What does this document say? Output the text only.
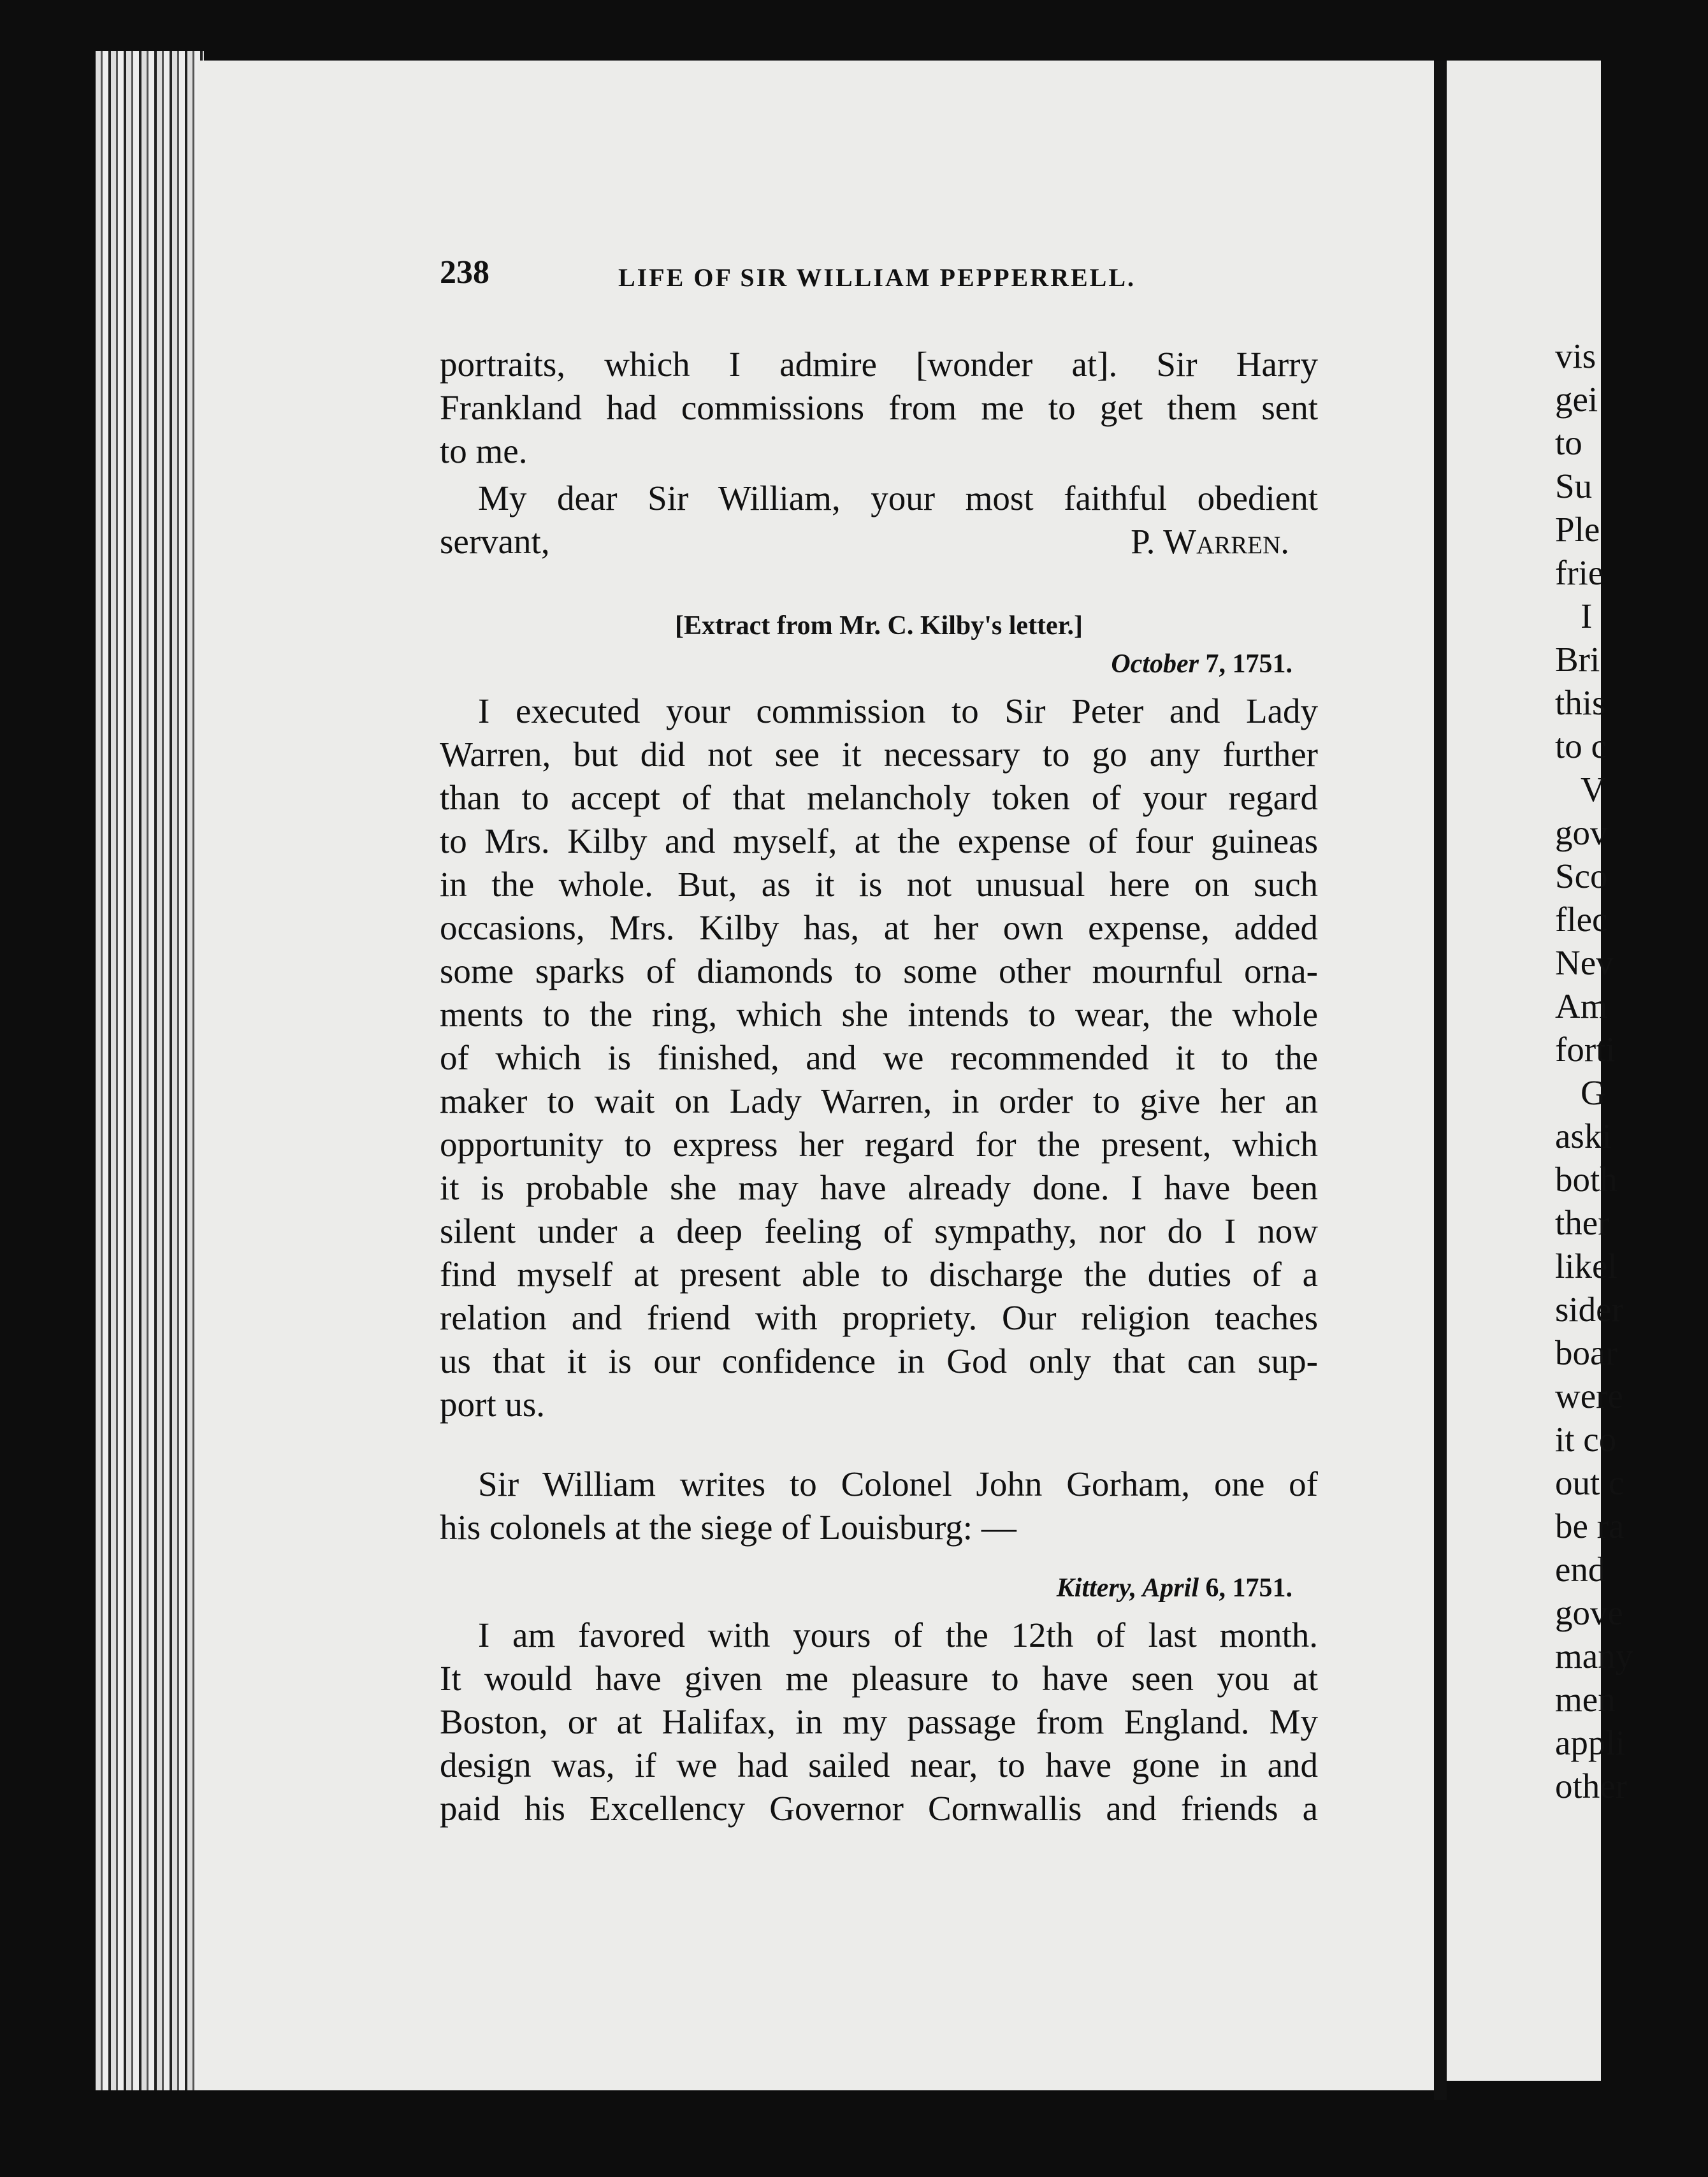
238	LIFE OF SIR WILLIAM PEPPERRELL.
portraits, which I admire [wonder at]. Sir Harry
Frankland had commissions from me to get them sent
to me.
My dear Sir William, your most faithful obedient
servant,	P. Warren.
[Extract from Mr. C. Kilby's letter.]
October 7, 1751.
I executed your commission to Sir Peter and Lady
Warren, but did not see it necessary to go any further
than to accept of that melancholy token of your regard
to Mrs. Kilby and myself, at the expense of four guineas
in the whole. But, as it is not unusual here on such
occasions, Mrs. Kilby has, at her own expense, added
some sparks of diamonds to some other mournful orna-
ments to the ring, which she intends to wear, the whole
of which is finished, and we recommended it to the
maker to wait on Lady Warren, in order to give her an
opportunity to express her regard for the present, which
it is probable she may have already done. I have been
silent under a deep feeling of sympathy, nor do I now
find myself at present able to discharge the duties of a
relation and friend with propriety. Our religion teaches
us that it is our confidence in God only that can sup-
port us.
Sir William writes to Colonel John Gorham, one of
his colonels at the siege of Louisburg: —
Kittery, April 6, 1751.
I am favored with yours of the 12th of last month.
It would have given me pleasure to have seen you at
Boston, or at Halifax, in my passage from England. My
design was, if we had sailed near, to have gone in and
paid his Excellency Governor Cornwallis and friends a
vis
gei
to
Su
Ple
frie
I
Bri
this
to c
V
gov
Sco
flec
Nev
Am
forti
G
aski
both
ther
likel
sider
boar
were
it co
out c
be ra
end
gove
many
men
appli
other
